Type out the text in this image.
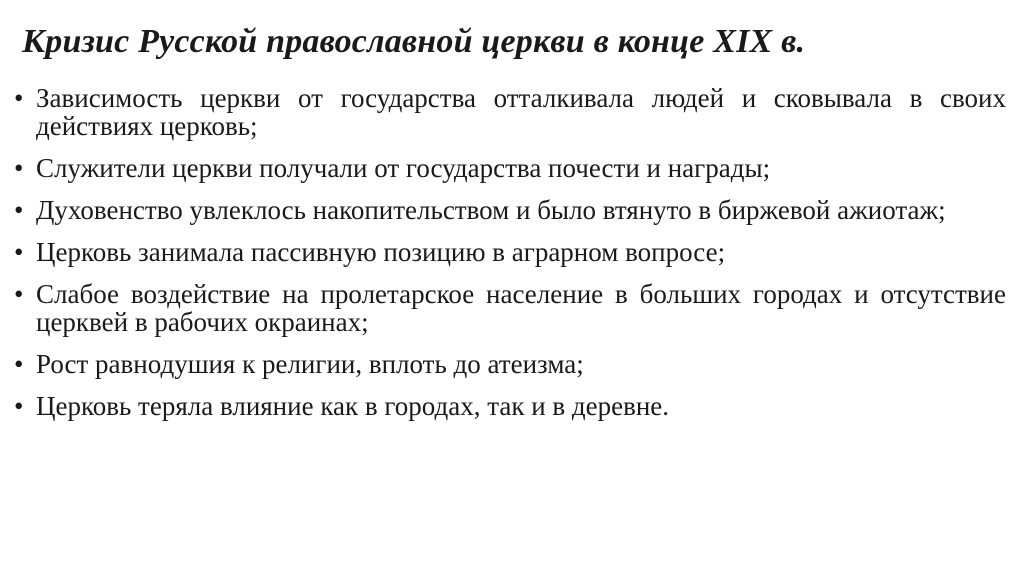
Кризис Русской православной церкви в конце XIX в.
• Зависимость церкви от государства отталкивала людей и сковывала в своих действиях церковь;
• Служители церкви получали от государства почести и награды;
• Духовенство увлеклось накопительством и было втянуто в биржевой ажиотаж;
• Церковь занимала пассивную позицию в аграрном вопросе;
• Слабое воздействие на пролетарское население в больших городах и отсутствие церквей в рабочих окраинах;
• Рост равнодушия к религии, вплоть до атеизма;
• Церковь теряла влияние как в городах, так и в деревне.
